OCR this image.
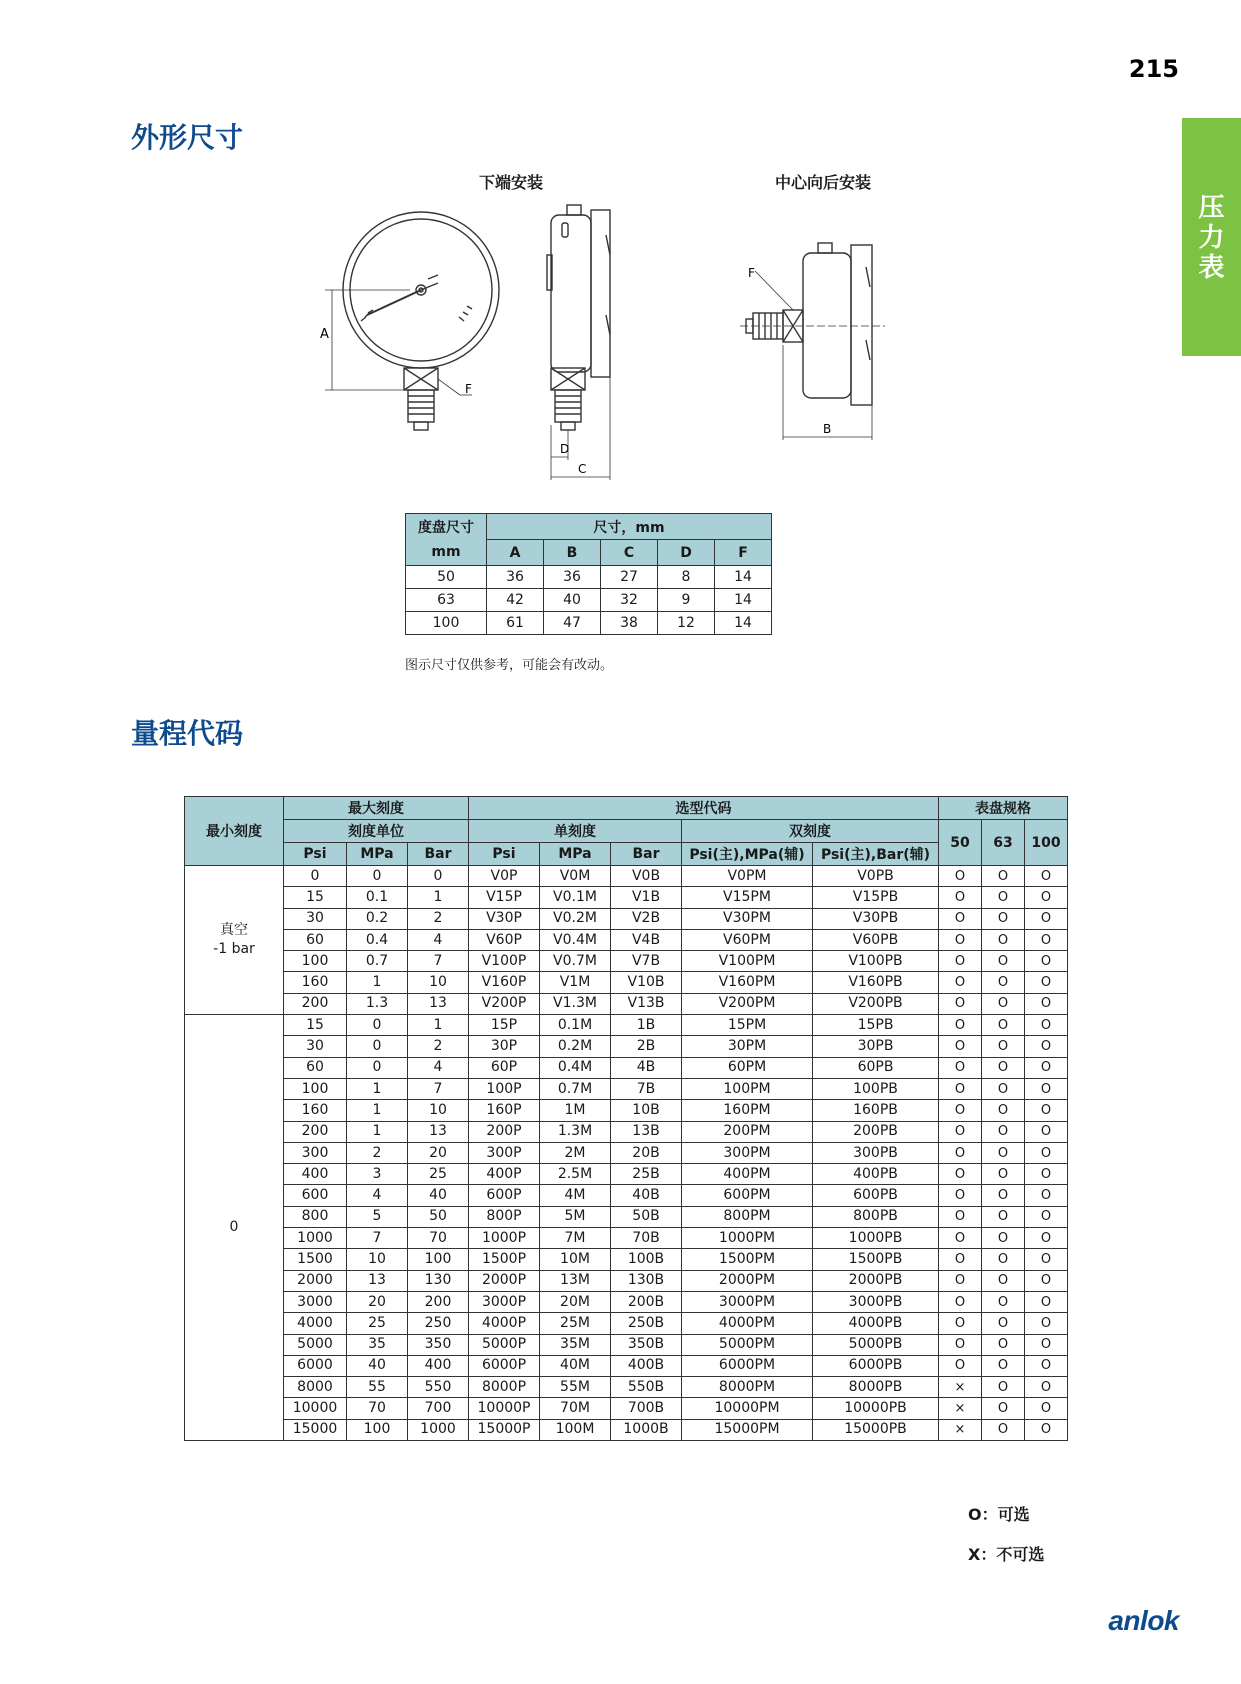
215
压
力
表
外形尺寸
下端安装	中心向后安装
A
F
D
C
F
B
度盘尺寸
mm	尺寸，mm				
	A	B	C	D	F
50	36	36	27	8	14
63	42	40	32	9	14
100	61	47	38	12	14
图示尺寸仅供参考，可能会有改动。
量程代码
最小刻度	最大刻度			选型代码					表盘规格		
	刻度单位			单刻度			双刻度		50	63	100
	Psi	MPa	Bar	Psi	MPa	Bar	Psi(主),MPa(辅)	Psi(主),Bar(辅)			

真空
-1 bar	0	0	0	V0P	V0M	V0B	V0PM	V0PB	O	O	O
	15	0.1	1	V15P	V0.1M	V1B	V15PM	V15PB	O	O	O
	30	0.2	2	V30P	V0.2M	V2B	V30PM	V30PB	O	O	O
	60	0.4	4	V60P	V0.4M	V4B	V60PM	V60PB	O	O	O
	100	0.7	7	V100P	V0.7M	V7B	V100PM	V100PB	O	O	O
	160	1	10	V160P	V1M	V10B	V160PM	V160PB	O	O	O
	200	1.3	13	V200P	V1.3M	V13B	V200PM	V200PB	O	O	O

0	15	0	1	15P	0.1M	1B	15PM	15PB	O	O	O
	30	0	2	30P	0.2M	2B	30PM	30PB	O	O	O
	60	0	4	60P	0.4M	4B	60PM	60PB	O	O	O
	100	1	7	100P	0.7M	7B	100PM	100PB	O	O	O
	160	1	10	160P	1M	10B	160PM	160PB	O	O	O
	200	1	13	200P	1.3M	13B	200PM	200PB	O	O	O
	300	2	20	300P	2M	20B	300PM	300PB	O	O	O
	400	3	25	400P	2.5M	25B	400PM	400PB	O	O	O
	600	4	40	600P	4M	40B	600PM	600PB	O	O	O
	800	5	50	800P	5M	50B	800PM	800PB	O	O	O
	1000	7	70	1000P	7M	70B	1000PM	1000PB	O	O	O
	1500	10	100	1500P	10M	100B	1500PM	1500PB	O	O	O
	2000	13	130	2000P	13M	130B	2000PM	2000PB	O	O	O
	3000	20	200	3000P	20M	200B	3000PM	3000PB	O	O	O
	4000	25	250	4000P	25M	250B	4000PM	4000PB	O	O	O
	5000	35	350	5000P	35M	350B	5000PM	5000PB	O	O	O
	6000	40	400	6000P	40M	400B	6000PM	6000PB	O	O	O
	8000	55	550	8000P	55M	550B	8000PM	8000PB	×	O	O
	10000	70	700	10000P	70M	700B	10000PM	10000PB	×	O	O
	15000	100	1000	15000P	100M	1000B	15000PM	15000PB	×	O	O
O：可选
X：不可选
anlok
